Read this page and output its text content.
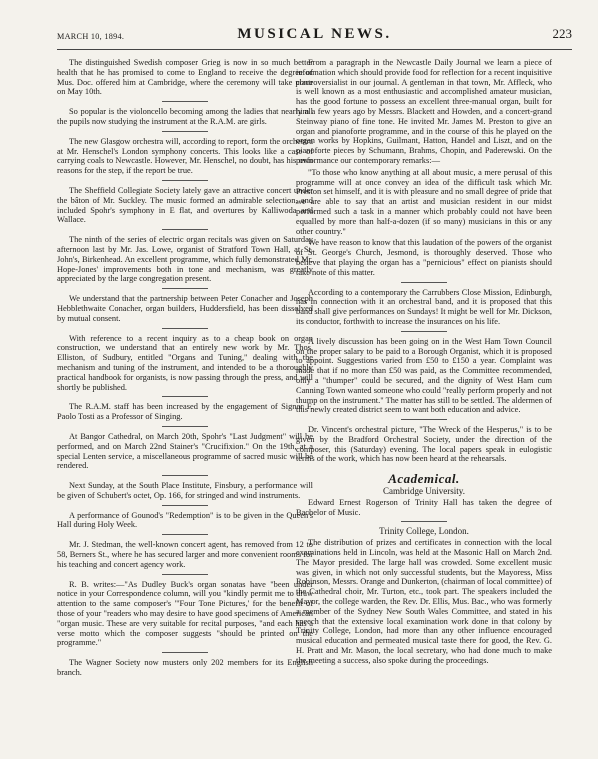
MARCH 10, 1894.	MUSICAL NEWS.	223

The distinguished Swedish composer Grieg is now in so much better health that he has promised to come to England to receive the degree of Mus. Doc. offered him at Cambridge, where the ceremony will take place on May 10th.

So popular is the violoncello becoming among the ladies that nearly all the pupils now studying the instrument at the R.A.M. are girls.

The new Glasgow orchestra will, according to report, form the orchestra at Mr. Henschel's London symphony concerts. This looks like a case of carrying coals to Newcastle. However, Mr. Henschel, no doubt, has his own reasons for the step, if the report be true.

The Sheffield Collegiate Society lately gave an attractive concert under the bâton of Mr. Suckley. The music formed an admirable selection, and included Spohr's symphony in E flat, and overtures by Kalliwoda and Wallace.

The ninth of the series of electric organ recitals was given on Saturday afternoon last by Mr. Jas. Lowe, organist of Stratford Town Hall, at St. John's, Birkenhead. An excellent programme, which fully demonstrated Mr. Hope-Jones' improvements both in tone and mechanism, was greatly appreciated by the large congregation present.

We understand that the partnership between Peter Conacher and Joseph Hebblethwaite Conacher, organ builders, Huddersfield, has been dissolved by mutual consent.

With reference to a recent inquiry as to a cheap book on organ construction, we understand that an entirely new work by Mr. Thos. Elliston, of Sudbury, entitled "Organs and Tuning," dealing with the mechanism and tuning of the instrument, and intended to be a thoroughly practical handbook for organists, is now passing through the press, and will shortly be published.

The R.A.M. staff has been increased by the engagement of Signor F. Paolo Tosti as a Professor of Singing.

At Bangor Cathedral, on March 20th, Spohr's "Last Judgment" will be performed, and on March 22nd Stainer's "Crucifixion." On the 19th, at a special Lenten service, a miscellaneous programme of sacred music will be rendered.

Next Sunday, at the South Place Institute, Finsbury, a performance will be given of Schubert's octet, Op. 166, for stringed and wind instruments.

A performance of Gounod's "Redemption" is to be given in the Queen's Hall during Holy Week.

Mr. J. Stedman, the well-known concert agent, has removed from 12 to 58, Berners St., where he has secured larger and more convenient rooms for his teaching and concert agency work.

R. B. writes:—"As Dudley Buck's organ sonatas have "been under notice in your Correspondence column, will you "kindly permit me to draw attention to the same composer's "'Four Tone Pictures,' for the benefit of those of your "readers who may desire to have good specimens of American "organ music. These are very suitable for recital purposes, "and each has a verse motto which the composer suggests "should be printed on the programme."

The Wagner Society now musters only 202 members for its English branch.

From a paragraph in the Newcastle Daily Journal we learn a piece of information which should provide food for reflection for a recent inquisitive controversialist in our journal. A gentleman in that town, Mr. Affleck, who is well known as a most enthusiastic and accomplished amateur musician, has the good fortune to possess an excellent three-manual organ, built for him a few years ago by Messrs. Blackett and Howden, and a concert-grand Steinway piano of fine tone. He invited Mr. James M. Preston to give an organ and pianoforte programme, and in the course of this he played on the organ works by Hopkins, Guilmant, Hatton, Handel and Liszt, and on the pianoforte pieces by Schumann, Brahms, Chopin, and Paderewski. On the performance our contemporary remarks:—

"To those who know anything at all about music, a mere perusal of this programme will at once convey an idea of the difficult task which Mr. Preston set himself, and it is with pleasure and no small degree of pride that we are able to say that an artist and musician resident in our midst performed such a task in a manner which probably could not have been equalled by more than half-a-dozen (if so many) musicians in this or any other country."

We have reason to know that this laudation of the powers of the organist of St. George's Church, Jesmond, is thoroughly deserved. Those who believe that playing the organ has a "pernicious" effect on pianists should take note of this matter.

According to a contemporary the Carrubbers Close Mission, Edinburgh, has in connection with it an orchestral band, and it is proposed that this band shall give performances on Sundays! It might be well for Mr. Dickson, its conductor, forthwith to increase the insurances on his life.

A lively discussion has been going on in the West Ham Town Council on the proper salary to be paid to a Borough Organist, which it is proposed to appoint. Suggestions varied from £50 to £150 a year. Complaint was made that if no more than £50 was paid, as the Committee recommended, only a "thumper" could be secured, and the dignity of West Ham cum Canning Town wanted someone who could "really perform properly and not thump on the instrument." The matter has still to be settled. The aldermen of this newly created district seem to want both education and advice.

Dr. Vincent's orchestral picture, "The Wreck of the Hesperus," is to be given by the Bradford Orchestral Society, under the direction of the composer, this (Saturday) evening. The local papers speak in eulogistic terms of the work, which has now been heard at the rehearsals.

Academical.
Cambridge University.

Edward Ernest Rogerson of Trinity Hall has taken the degree of Bachelor of Music.

Trinity College, London.

The distribution of prizes and certificates in connection with the local examinations held in Lincoln, was held at the Masonic Hall on March 2nd. The Mayor presided. The large hall was crowded. Some excellent music was given, in which not only successful students, but the Mayoress, Miss Robinson, Messrs. Orange and Dunkerton, (chairman of local committee) of the Cathedral choir, Mr. Turton, etc., took part. The speakers included the Mayor, the college warden, the Rev. Dr. Ellis, Mus. Bac., who was formerly a member of the Sydney New South Wales Committee, and stated in his speech that the extensive local examination work done in that colony by Trinity College, London, had more than any other influence encouraged musical education and permeated musical taste there for good, the Rev. G. H. Pratt and Mr. Mason, the local secretary, who had done much to make the meeting a success, also spoke during the proceedings.
